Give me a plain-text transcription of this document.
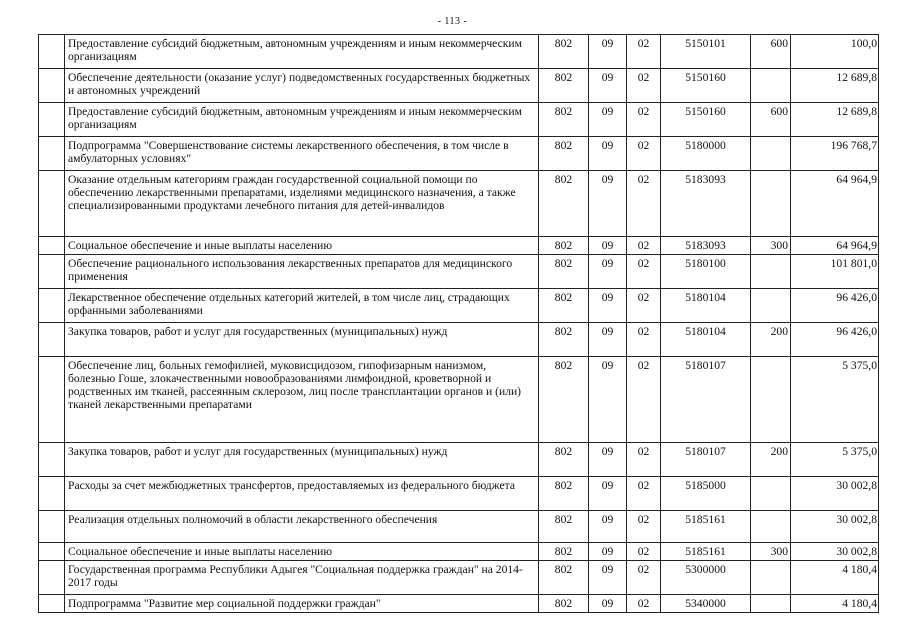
- 113 -
	Предоставление субсидий бюджетным, автономным учреждениям и иным некоммерческим организациям	802	09	02	5150101	600	100,0
	Обеспечение деятельности (оказание услуг) подведомственных государственных бюджетных и автономных учреждений	802	09	02	5150160		12 689,8
	Предоставление субсидий бюджетным, автономным учреждениям и иным некоммерческим организациям	802	09	02	5150160	600	12 689,8
	Подпрограмма "Совершенствование системы лекарственного обеспечения, в том числе в амбулаторных условиях"	802	09	02	5180000		196 768,7
	Оказание отдельным категориям граждан государственной социальной помощи по обеспечению лекарственными препаратами, изделиями медицинского назначения, а также специализированными продуктами лечебного питания для детей-инвалидов	802	09	02	5183093		64 964,9
	Социальное обеспечение и иные выплаты населению	802	09	02	5183093	300	64 964,9
	Обеспечение рационального использования лекарственных препаратов для медицинского применения	802	09	02	5180100		101 801,0
	Лекарственное обеспечение отдельных категорий жителей, в том числе лиц, страдающих орфанными заболеваниями	802	09	02	5180104		96 426,0
	Закупка товаров, работ и услуг для государственных (муниципальных) нужд	802	09	02	5180104	200	96 426,0
	Обеспечение лиц, больных гемофилией, муковисцидозом, гипофизарным нанизмом, болезнью Гоше, злокачественными новообразованиями лимфоидной, кроветворной и родственных им тканей, рассеянным склерозом, лиц после трансплантации органов и (или) тканей лекарственными препаратами	802	09	02	5180107		5 375,0
	Закупка товаров, работ и услуг для государственных (муниципальных) нужд	802	09	02	5180107	200	5 375,0
	Расходы за счет межбюджетных трансфертов, предоставляемых из федерального бюджета	802	09	02	5185000		30 002,8
	Реализация отдельных полномочий в области лекарственного обеспечения	802	09	02	5185161		30 002,8
	Социальное обеспечение и иные выплаты населению	802	09	02	5185161	300	30 002,8
	Государственная программа Республики Адыгея "Социальная поддержка граждан" на 2014-2017 годы	802	09	02	5300000		4 180,4
	Подпрограмма "Развитие мер социальной поддержки граждан"	802	09	02	5340000		4 180,4
